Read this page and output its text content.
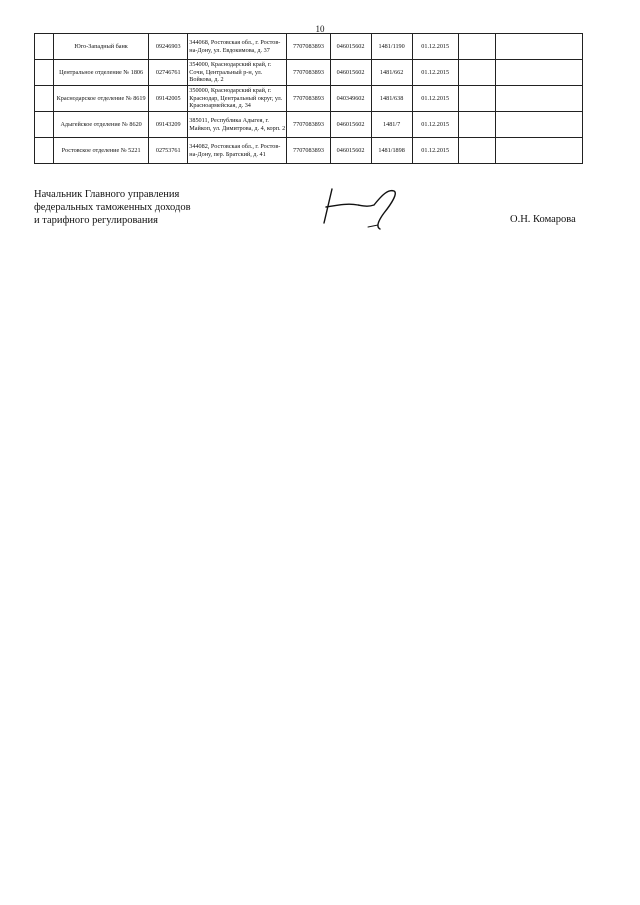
10
	Юго-Западный банк	09246903	344068, Ростовская обл., г. Ростов-на-Дону, ул. Евдокимова, д. 37	7707083893	046015602	1481/1190	01.12.2015		
	Центральное отделение № 1806	02746761	354000, Краснодарский край, г. Сочи, Центральный р-н, ул. Войкова, д. 2	7707083893	046015602	1481/662	01.12.2015		
	Краснодарское отделение № 8619	09142005	350000, Краснодарский край, г. Краснодар, Центральный округ, ул. Красноармейская, д. 34	7707083893	040349602	1481/638	01.12.2015		
	Адыгейское отделение № 8620	09143209	385011, Республика Адыгея, г. Майкоп, ул. Димитрова, д. 4, корп. 2	7707083893	046015602	1481/7	01.12.2015		
	Ростовское отделение № 5221	02753761	344082, Ростовская обл., г. Ростов-на-Дону, пер. Братский, д. 41	7707083893	046015602	1481/1898	01.12.2015		
Начальник Главного управления
федеральных таможенных доходов
и тарифного регулирования	О.Н. Комарова
